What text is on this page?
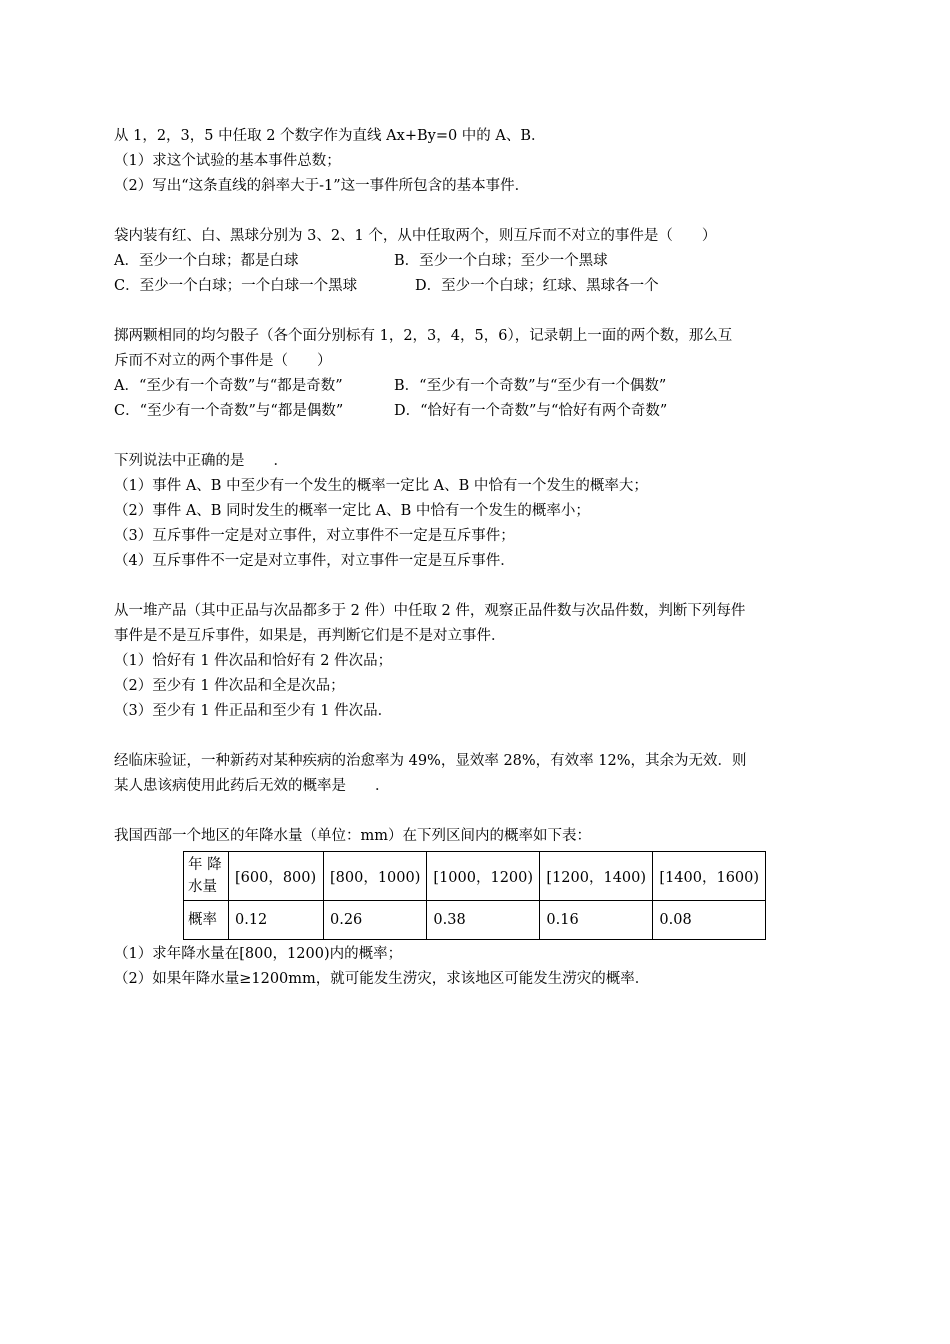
从 1，2，3，5 中任取 2 个数字作为直线 Ax+By=0 中的 A、B．
（1）求这个试验的基本事件总数；
（2）写出“这条直线的斜率大于-1”这一事件所包含的基本事件．
袋内装有红、白、黑球分别为 3、2、1 个，从中任取两个，则互斥而不对立的事件是（　　）
A．至少一个白球；都是白球	B．至少一个白球；至少一个黑球
C．至少一个白球；一个白球一个黑球	D．至少一个白球；红球、黑球各一个
掷两颗相同的均匀骰子（各个面分别标有 1，2，3，4，5，6），记录朝上一面的两个数，那么互
斥而不对立的两个事件是（　　）
A．“至少有一个奇数”与“都是奇数”	B．“至少有一个奇数”与“至少有一个偶数”
C．“至少有一个奇数”与“都是偶数”	D．“恰好有一个奇数”与“恰好有两个奇数”
下列说法中正确的是　　．
（1）事件 A、B 中至少有一个发生的概率一定比 A、B 中恰有一个发生的概率大；
（2）事件 A、B 同时发生的概率一定比 A、B 中恰有一个发生的概率小；
（3）互斥事件一定是对立事件，对立事件不一定是互斥事件；
（4）互斥事件不一定是对立事件，对立事件一定是互斥事件．
从一堆产品（其中正品与次品都多于 2 件）中任取 2 件，观察正品件数与次品件数，判断下列每件
事件是不是互斥事件，如果是，再判断它们是不是对立事件．
（1）恰好有 1 件次品和恰好有 2 件次品；
（2）至少有 1 件次品和全是次品；
（3）至少有 1 件正品和至少有 1 件次品．
经临床验证，一种新药对某种疾病的治愈率为 49%，显效率 28%，有效率 12%，其余为无效．则
某人患该病使用此药后无效的概率是　　．
我国西部一个地区的年降水量（单位：mm）在下列区间内的概率如下表：
年 降 水量	[600，800)	[800，1000)	[1000，1200)	[1200，1400)	[1400，1600)
概率	0.12	0.26	0.38	0.16	0.08
（1）求年降水量在[800，1200)内的概率；
（2）如果年降水量≥1200mm，就可能发生涝灾，求该地区可能发生涝灾的概率．
